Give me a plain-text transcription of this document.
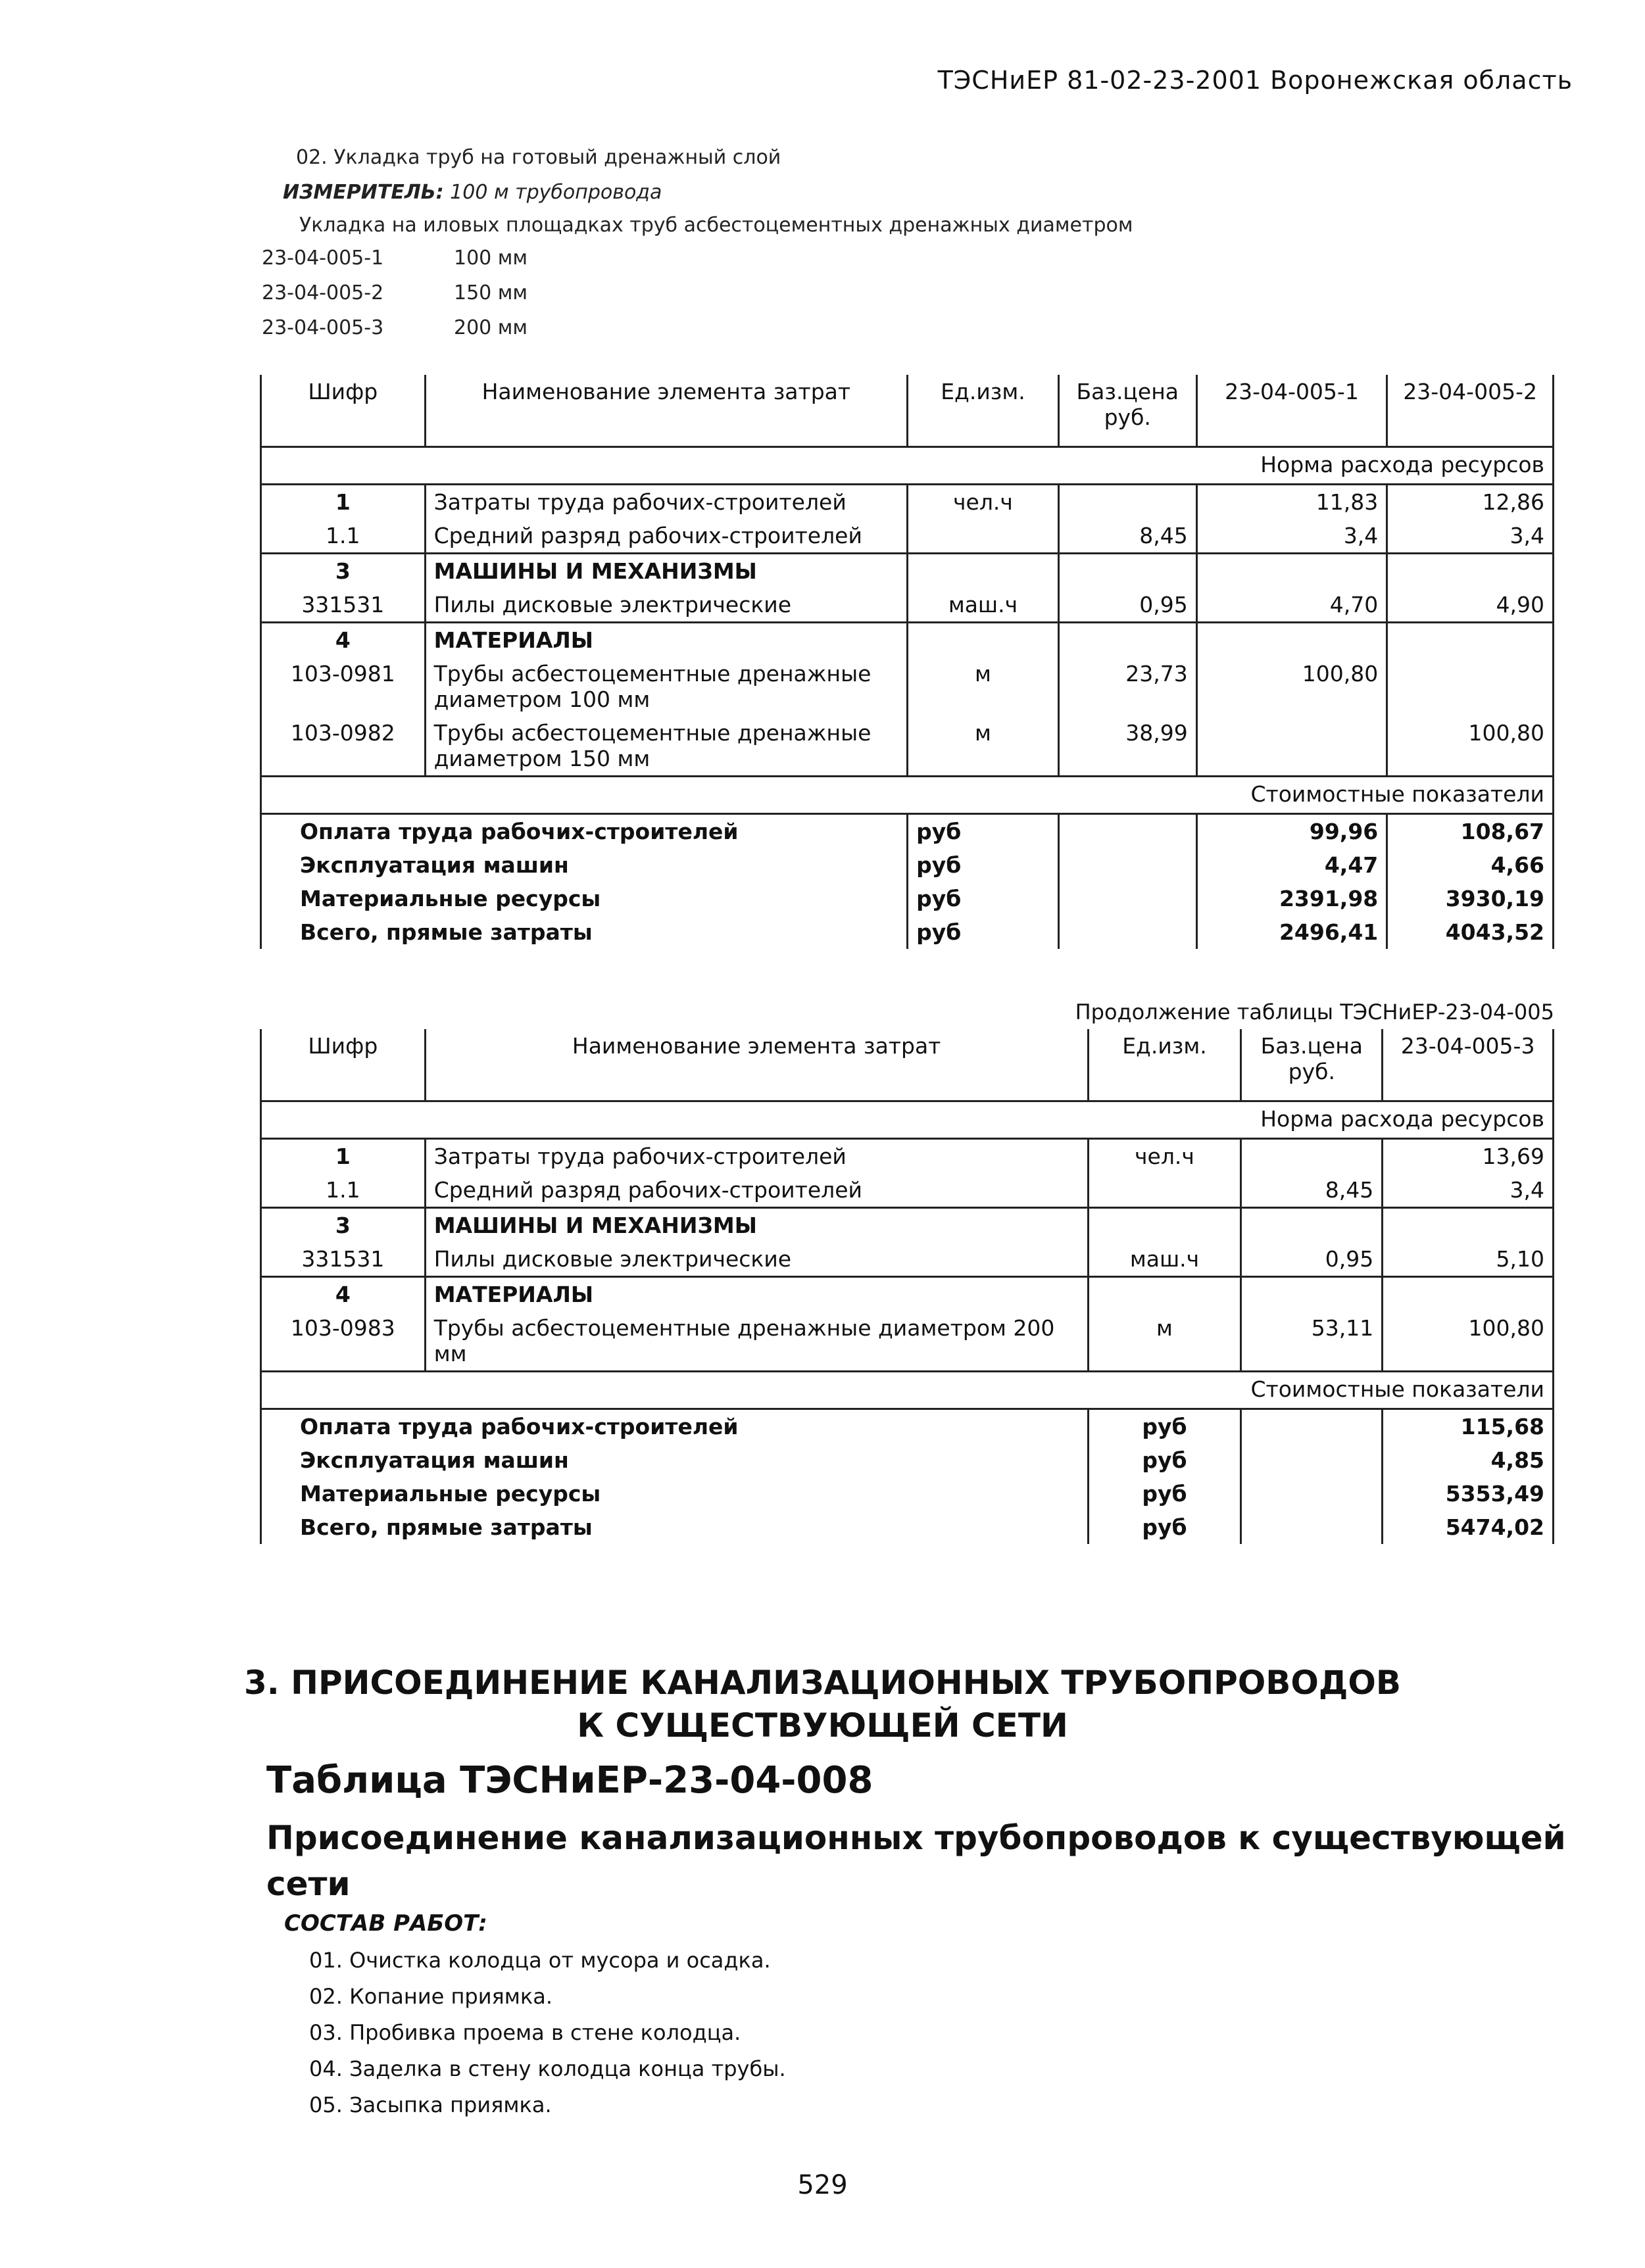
ТЭСНиЕР 81-02-23-2001 Воронежская область
02. Укладка труб на готовый дренажный слой
ИЗМЕРИТЕЛЬ: 100 м трубопровода
Укладка на иловых площадках труб асбестоцементных дренажных диаметром
23-04-005-1	100 мм
23-04-005-2	150 мм
23-04-005-3	200 мм
Шифр	Наименование элемента затрат	Ед.изм.	Баз.цена руб.	23-04-005-1	23-04-005-2
Норма расхода ресурсов					
1	Затраты труда рабочих-строителей	чел.ч		11,83	12,86
1.1	Средний разряд рабочих-строителей		8,45	3,4	3,4
3	МАШИНЫ И МЕХАНИЗМЫ				
331531	Пилы дисковые электрические	маш.ч	0,95	4,70	4,90
4	МАТЕРИАЛЫ				
103-0981	Трубы асбестоцементные дренажные диаметром 100 мм	м	23,73	100,80	
103-0982	Трубы асбестоцементные дренажные диаметром 150 мм	м	38,99		100,80
Стоимостные показатели					
Оплата труда рабочих-строителей		руб		99,96	108,67
Эксплуатация машин		руб		4,47	4,66
Материальные ресурсы		руб		2391,98	3930,19
Всего, прямые затраты		руб		2496,41	4043,52
Продолжение таблицы ТЭСНиЕР-23-04-005
Шифр	Наименование элемента затрат	Ед.изм.	Баз.цена руб.	23-04-005-3
Норма расхода ресурсов				
1	Затраты труда рабочих-строителей	чел.ч		13,69
1.1	Средний разряд рабочих-строителей		8,45	3,4
3	МАШИНЫ И МЕХАНИЗМЫ			
331531	Пилы дисковые электрические	маш.ч	0,95	5,10
4	МАТЕРИАЛЫ			
103-0983	Трубы асбестоцементные дренажные диаметром 200 мм	м	53,11	100,80
Стоимостные показатели				
Оплата труда рабочих-строителей		руб		115,68
Эксплуатация машин		руб		4,85
Материальные ресурсы		руб		5353,49
Всего, прямые затраты		руб		5474,02
3. ПРИСОЕДИНЕНИЕ КАНАЛИЗАЦИОННЫХ ТРУБОПРОВОДОВ
К СУЩЕСТВУЮЩЕЙ СЕТИ
Таблица ТЭСНиЕР-23-04-008
Присоединение канализационных трубопроводов к существующей сети
СОСТАВ РАБОТ:
01. Очистка колодца от мусора и осадка.
02. Копание приямка.
03. Пробивка проема в стене колодца.
04. Заделка в стену колодца конца трубы.
05. Засыпка приямка.
529
